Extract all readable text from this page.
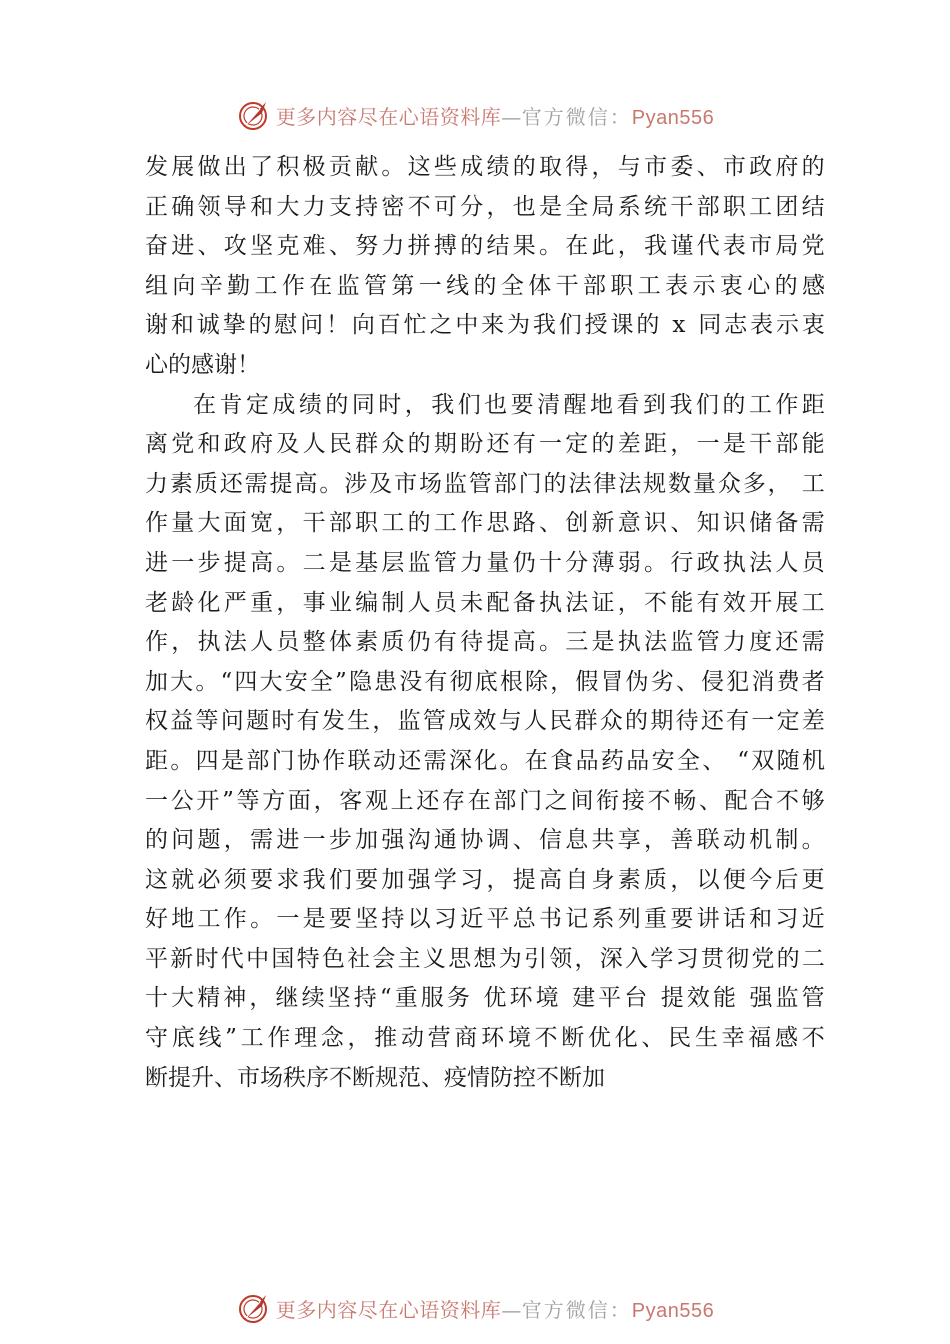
更多内容尽在心语资料库—官方微信：Pyan556
发 展 做 出 了 积 极 贡 献 。 这 些 成 绩 的 取 得 ， 与 市 委 、 市 政 府 的
正 确 领 导 和 大 力 支 持 密 不 可 分 ， 也 是 全 局 系 统 干 部 职 工 团 结
奋 进 、 攻 坚 克 难 、 努 力 拼 搏 的 结 果 。 在 此 ， 我 谨 代 表 市 局 党
组 向 辛 勤 工 作 在 监 管 第 一 线 的 全 体 干 部 职 工 表 示 衷 心 的 感
谢 和 诚 挚 的 慰 问 ！ 向 百 忙 之 中 来 为 我 们 授 课 的
x
同 志 表 示 衷
心的感谢！
在 肯 定 成 绩 的 同 时 ， 我 们 也 要 清 醒 地 看 到 我 们 的 工 作 距
离 党 和 政 府 及 人 民 群 众 的 期 盼 还 有 一 定 的 差 距 ， 一 是 干 部 能
力 素 质 还 需 提 高 。 涉 及 市 场 监 管 部 门 的 法 律 法 规 数 量 众 多 ，
工
作 量 大 面 宽 ， 干 部 职 工 的 工 作 思 路 、 创 新 意 识 、 知 识 储 备 需
进 一 步 提 高 。 二 是 基 层 监 管 力 量 仍 十 分 薄 弱 。 行 政 执 法 人 员
老 龄 化 严 重 ， 事 业 编 制 人 员 未 配 备 执 法 证 ， 不 能 有 效 开 展 工
作 ， 执 法 人 员 整 体 素 质 仍 有 待 提 高 。 三 是 执 法 监 管 力 度 还 需
加 大 。 “ 四 大 安 全 ” 隐 患 没 有 彻 底 根 除 ， 假 冒 伪 劣 、 侵 犯 消 费 者
权 益 等 问 题 时 有 发 生 ， 监 管 成 效 与 人 民 群 众 的 期 待 还 有 一 定 差
距 。 四 是 部 门 协 作 联 动 还 需 深 化 。 在 食 品 药 品 安 全 、
“ 双 随 机
一 公 开 ” 等 方 面 ， 客 观 上 还 存 在 部 门 之 间 衔 接 不 畅 、 配 合 不 够
的 问 题 ， 需 进 一 步 加 强 沟 通 协 调 、 信 息 共 享 ， 善 联 动 机 制 。
这 就 必 须 要 求 我 们 要 加 强 学 习 ， 提 高 自 身 素 质 ， 以 便 今 后 更
好 地 工 作 。 一 是 要 坚 持 以 习 近 平 总 书 记 系 列 重 要 讲 话 和 习 近
平 新 时 代 中 国 特 色 社 会 主 义 思 想 为 引 领 ， 深 入 学 习 贯 彻 党 的 二
十 大 精 神 ， 继 续 坚 持 “ 重 服 务
优 环 境
建 平 台
提 效 能
强 监 管
守 底 线 ” 工 作 理 念 ， 推 动 营 商 环 境 不 断 优 化 、 民 生 幸 福 感 不
断提升、市场秩序不断规范、疫情防控不断加
更多内容尽在心语资料库—官方微信：Pyan556
